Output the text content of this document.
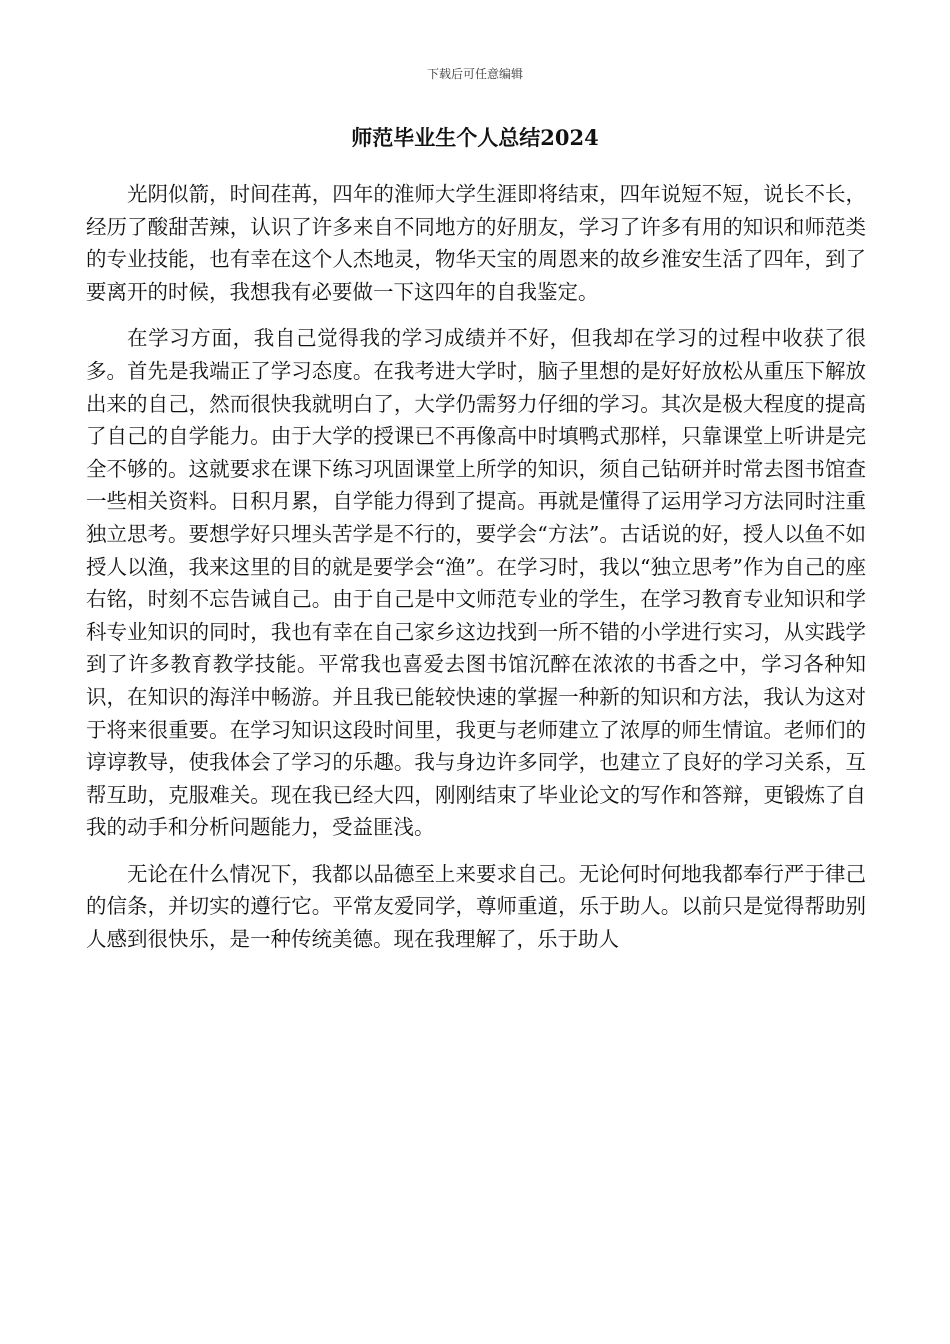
下载后可任意编辑
师范毕业生个人总结2024

光阴似箭，时间荏苒，四年的淮师大学生涯即将结束，四年说短不短，说长不长，经历了酸甜苦辣，认识了许多来自不同地方的好朋友，学习了许多有用的知识和师范类的专业技能，也有幸在这个人杰地灵，物华天宝的周恩来的故乡淮安生活了四年，到了要离开的时候，我想我有必要做一下这四年的自我鉴定。

在学习方面，我自己觉得我的学习成绩并不好，但我却在学习的过程中收获了很多。首先是我端正了学习态度。在我考进大学时，脑子里想的是好好放松从重压下解放出来的自己，然而很快我就明白了，大学仍需努力仔细的学习。其次是极大程度的提高了自己的自学能力。由于大学的授课已不再像高中时填鸭式那样，只靠课堂上听讲是完全不够的。这就要求在课下练习巩固课堂上所学的知识，须自己钻研并时常去图书馆查一些相关资料。日积月累，自学能力得到了提高。再就是懂得了运用学习方法同时注重独立思考。要想学好只埋头苦学是不行的，要学会“方法”。古话说的好，授人以鱼不如授人以渔，我来这里的目的就是要学会“渔”。在学习时，我以“独立思考”作为自己的座右铭，时刻不忘告诫自己。由于自己是中文师范专业的学生，在学习教育专业知识和学科专业知识的同时，我也有幸在自己家乡这边找到一所不错的小学进行实习，从实践学到了许多教育教学技能。平常我也喜爱去图书馆沉醉在浓浓的书香之中，学习各种知识，在知识的海洋中畅游。并且我已能较快速的掌握一种新的知识和方法，我认为这对于将来很重要。在学习知识这段时间里，我更与老师建立了浓厚的师生情谊。老师们的谆谆教导，使我体会了学习的乐趣。我与身边许多同学，也建立了良好的学习关系，互帮互助，克服难关。现在我已经大四，刚刚结束了毕业论文的写作和答辩，更锻炼了自我的动手和分析问题能力，受益匪浅。

无论在什么情况下，我都以品德至上来要求自己。无论何时何地我都奉行严于律己的信条，并切实的遵行它。平常友爱同学，尊师重道，乐于助人。以前只是觉得帮助别人感到很快乐，是一种传统美德。现在我理解了，乐于助人
